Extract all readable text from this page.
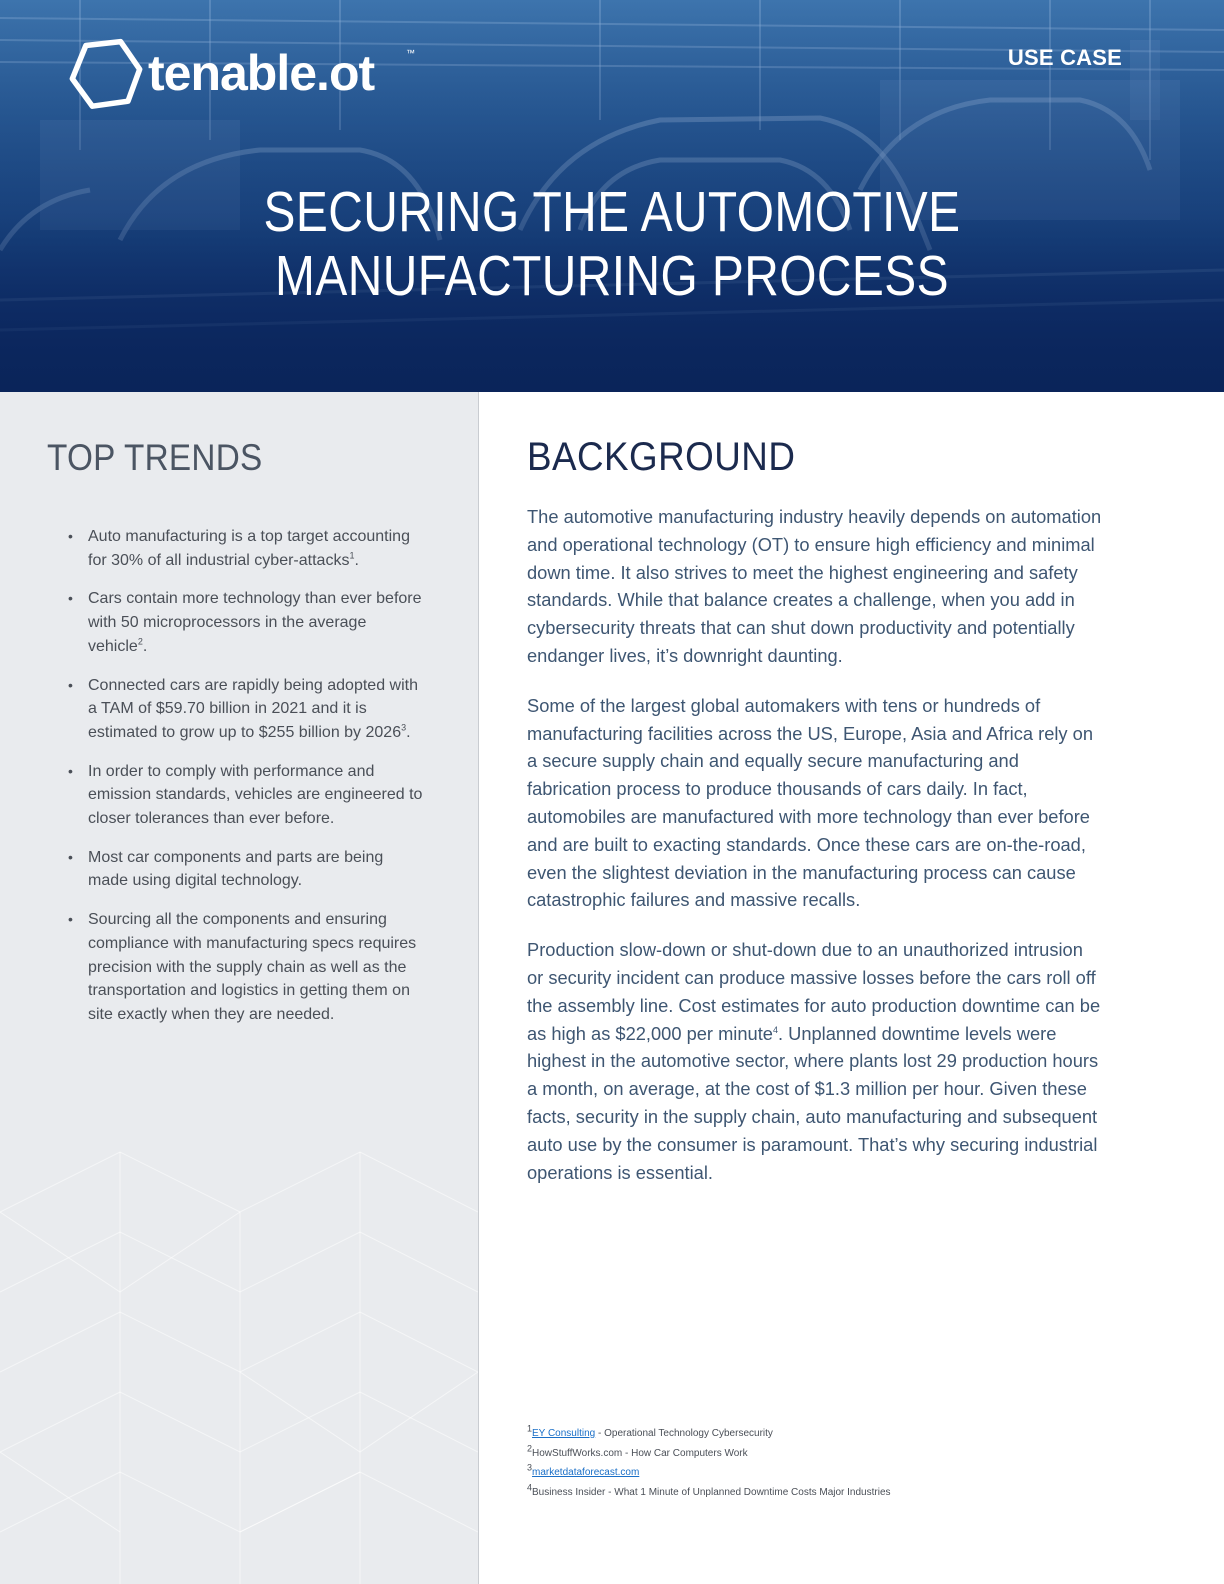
tenable.ot	™	USE CASE
SECURING THE AUTOMOTIVE
MANUFACTURING PROCESS
TOP TRENDS
• Auto manufacturing is a top target accounting for 30% of all industrial cyber-attacks$^1$.
• Cars contain more technology than ever before with 50 microprocessors in the average vehicle$^2$.
• Connected cars are rapidly being adopted with a TAM of $59.70 billion in 2021 and it is estimated to grow up to $255 billion by 2026$^3$.
• In order to comply with performance and emission standards, vehicles are engineered to closer tolerances than ever before.
• Most car components and parts are being made using digital technology.
• Sourcing all the components and ensuring compliance with manufacturing specs requires precision with the supply chain as well as the transportation and logistics in getting them on site exactly when they are needed.
BACKGROUND

The automotive manufacturing industry heavily depends on automation and operational technology (OT) to ensure high efficiency and minimal down time. It also strives to meet the highest engineering and safety standards. While that balance creates a challenge, when you add in cybersecurity threats that can shut down productivity and potentially endanger lives, it’s downright daunting.

Some of the largest global automakers with tens or hundreds of manufacturing facilities across the US, Europe, Asia and Africa rely on a secure supply chain and equally secure manufacturing and fabrication process to produce thousands of cars daily. In fact, automobiles are manufactured with more technology than ever before and are built to exacting standards. Once these cars are on-the-road, even the slightest deviation in the manufacturing process can cause catastrophic failures and massive recalls.

Production slow-down or shut-down due to an unauthorized intrusion or security incident can produce massive losses before the cars roll off the assembly line. Cost estimates for auto production downtime can be as high as $22,000 per minute$^4$. Unplanned downtime levels were highest in the automotive sector, where plants lost 29 production hours a month, on average, at the cost of $1.3 million per hour. Given these facts, security in the supply chain, auto manufacturing and subsequent auto use by the consumer is paramount. That’s why securing industrial operations is essential.

$^1$EY Consulting - Operational Technology Cybersecurity
$^2$HowStuffWorks.com - How Car Computers Work
$^3$marketdataforecast.com
$^4$Business Insider - What 1 Minute of Unplanned Downtime Costs Major Industries
